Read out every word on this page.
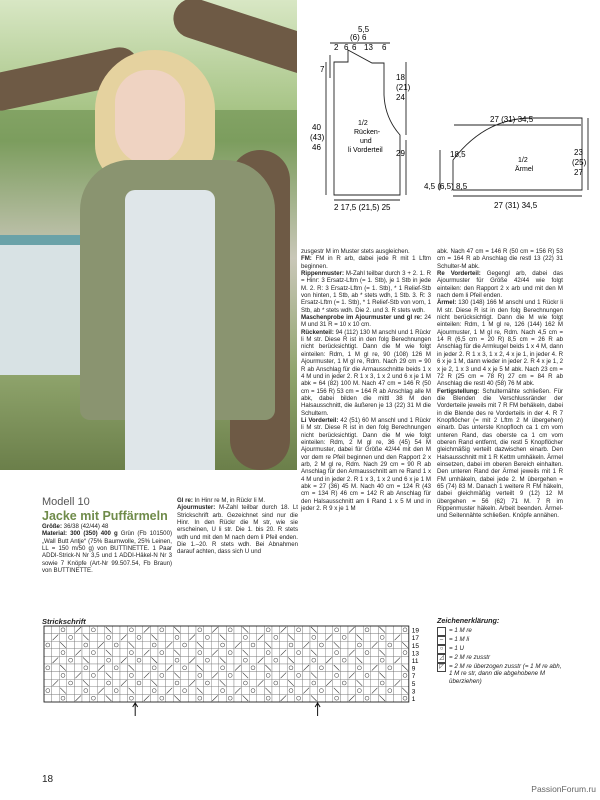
5,5
(6) 6
2 6 6 13 6
7
18
(21)
24
40
(43)
46
1/2
Rücken-
und
li Vorderteil 29
2 17,5 (21,5) 25
27 (31) 34,5
18,5	23
(25)
27
1/2
Ärmel
4,5 (6,5) 8,5
27 (31) 34,5

Modell 10

Jacke mit Puffärmeln

Größe: 36/38 (42/44) 48

Material: 300 (350) 400 g Grün (Fb 101500) „Wall Butt Antje“ (75% Baumwolle, 25% Leinen, LL = 150 m/50 g) von BUTTINETTE. 1 Paar ADDI-Strick-N Nr 3,5 und 1 ADDI-Häkel-N Nr 3 sowie 7 Knöpfe (Art-Nr 99.507.54, Fb Braun) von BUTTINETTE.

Gl re: In Hinr re M, in Rückr li M.

Ajourmuster: M-Zahl teilbar durch 18. Lt Strickschrift arb. Gezeichnet sind nur die Hinr. In den Rückr die M str, wie sie erscheinen, U li str. Die 1. bis 20. R stets wdh und mit den M nach dem li Pfeil enden. Die 1.–20. R stets wdh. Bei Abnahmen darauf achten, dass sich U und

zusgestr M im Muster stets ausgleichen.

FM: FM in R arb, dabei jede R mit 1 Lftm beginnen.

Rippenmuster: M-Zahl teilbar durch 3 + 2. 1. R = Hinr: 3 Ersatz-Lftm (= 1. Stb), je 1 Stb in jede M. 2. R: 3 Ersatz-Lftm (= 1. Stb), * 1 Relief-Stb von hinten, 1 Stb, ab * stets wdh, 1 Stb. 3. R: 3 Ersatz-Lftm (= 1. Stb), * 1 Relief-Stb von vorn, 1 Stb, ab * stets wdh. Die 2. und 3. R stets wdh.

Maschenprobe im Ajourmuster und gl re: 24 M und 31 R = 10 x 10 cm.

Rückenteil: 94 (112) 130 M anschl und 1 Rückr li M str. Diese R ist in den folg Berechnungen nicht berücksichtigt. Dann die M wie folgt einteilen: Rdm, 1 M gl re, 90 (108) 126 M Ajourmuster, 1 M gl re, Rdm. Nach 29 cm = 90 R ab Anschlag für die Armausschnitte beids 1 x 4 M und in jeder 2. R 1 x 3, 1 x 2 und 6 x je 1 M abk = 64 (82) 100 M. Nach 47 cm = 146 R (50 cm = 156 R) 53 cm = 164 R ab Anschlag alle M abk, dabei bilden die mittl 38 M den Halsausschnitt, die äußeren je 13 (22) 31 M die Schultern.

Li Vorderteil: 42 (51) 60 M anschl und 1 Rückr li M str. Diese R ist in den folg Berechnungen nicht berücksichtigt. Dann die M wie folgt einteilen: Rdm, 2 M gl re, 36 (45) 54 M Ajourmuster, dabei für Größe 42/44 mit den M vor dem re Pfeil beginnen und den Rapport 2 x arb, 2 M gl re, Rdm. Nach 29 cm = 90 R ab Anschlag für den Armausschnitt am re Rand 1 x 4 M und in jeder 2. R 1 x 3, 1 x 2 und 6 x je 1 M abk = 27 (36) 45 M. Nach 40 cm = 124 R (43 cm = 134 R) 46 cm = 142 R ab Anschlag für den Halsausschnitt am li Rand 1 x 5 M und in jeder 2. R 9 x je 1 M

abk. Nach 47 cm = 146 R (50 cm = 156 R) 53 cm = 164 R ab Anschlag die restl 13 (22) 31 Schulter-M abk.

Re Vorderteil: Gegengl arb, dabei das Ajourmuster für Größe 42/44 wie folgt einteilen: den Rapport 2 x arb und mit den M nach dem li Pfeil enden.

Ärmel: 130 (148) 166 M anschl und 1 Rückr li M str. Diese R ist in den folg Berechnungen nicht berücksichtigt. Dann die M wie folgt einteilen: Rdm, 1 M gl re, 126 (144) 162 M Ajourmuster, 1 M gl re, Rdm. Nach 4,5 cm = 14 R (6,5 cm = 20 R) 8,5 cm = 26 R ab Anschlag für die Armkugel beids 1 x 4 M, dann in jeder 2. R 1 x 3, 1 x 2, 4 x je 1, in jeder 4. R 6 x je 1 M, dann wieder in jeder 2. R 4 x je 1, 2 x je 2, 1 x 3 und 4 x je 5 M abk. Nach 23 cm = 72 R (25 cm = 78 R) 27 cm = 84 R ab Anschlag die restl 40 (58) 76 M abk.

Fertigstellung: Schulternähte schließen. Für die Blenden die Verschlussränder der Vorderteile jeweils mit 7 R FM behäkeln, dabei in die Blende des re Vorderteils in der 4. R 7 Knopflöcher (= mit 2 Lftm 2 M übergehen) einarb. Das unterste Knopfloch ca 1 cm vom unteren Rand, das oberste ca 1 cm vom oberen Rand entfernt, die restl 5 Knopflöcher gleichmäßig verteilt dazwischen einarb. Den Halsausschnitt mit 1 R Kettm umhäkeln. Ärmel einsetzen, dabei im oberen Bereich einhalten. Den unteren Rand der Ärmel jeweils mit 1 R FM umhäkeln, dabei jede 2. M übergehen = 65 (74) 83 M. Danach 1 weitere R FM häkeln, dabei gleichmäßig verteilt 9 (12) 12 M übergehen = 56 (62) 71 M. 7 R im Rippenmuster häkeln. Arbeit beenden. Ärmel- und Seitennähte schließen. Knöpfe annähen.

Strickschrift
19
17
15
13
11
9
7
5
3
1
Zeichenerklärung:
= 1 M re
– = 1 M li
○ = 1 U
◿ = 2 M re zusstr
◸ = 2 M re überzogen zusstr (= 1 M re abh, 1 M re str, dann die abgehobene M überziehen)
18
PassionForum.ru
